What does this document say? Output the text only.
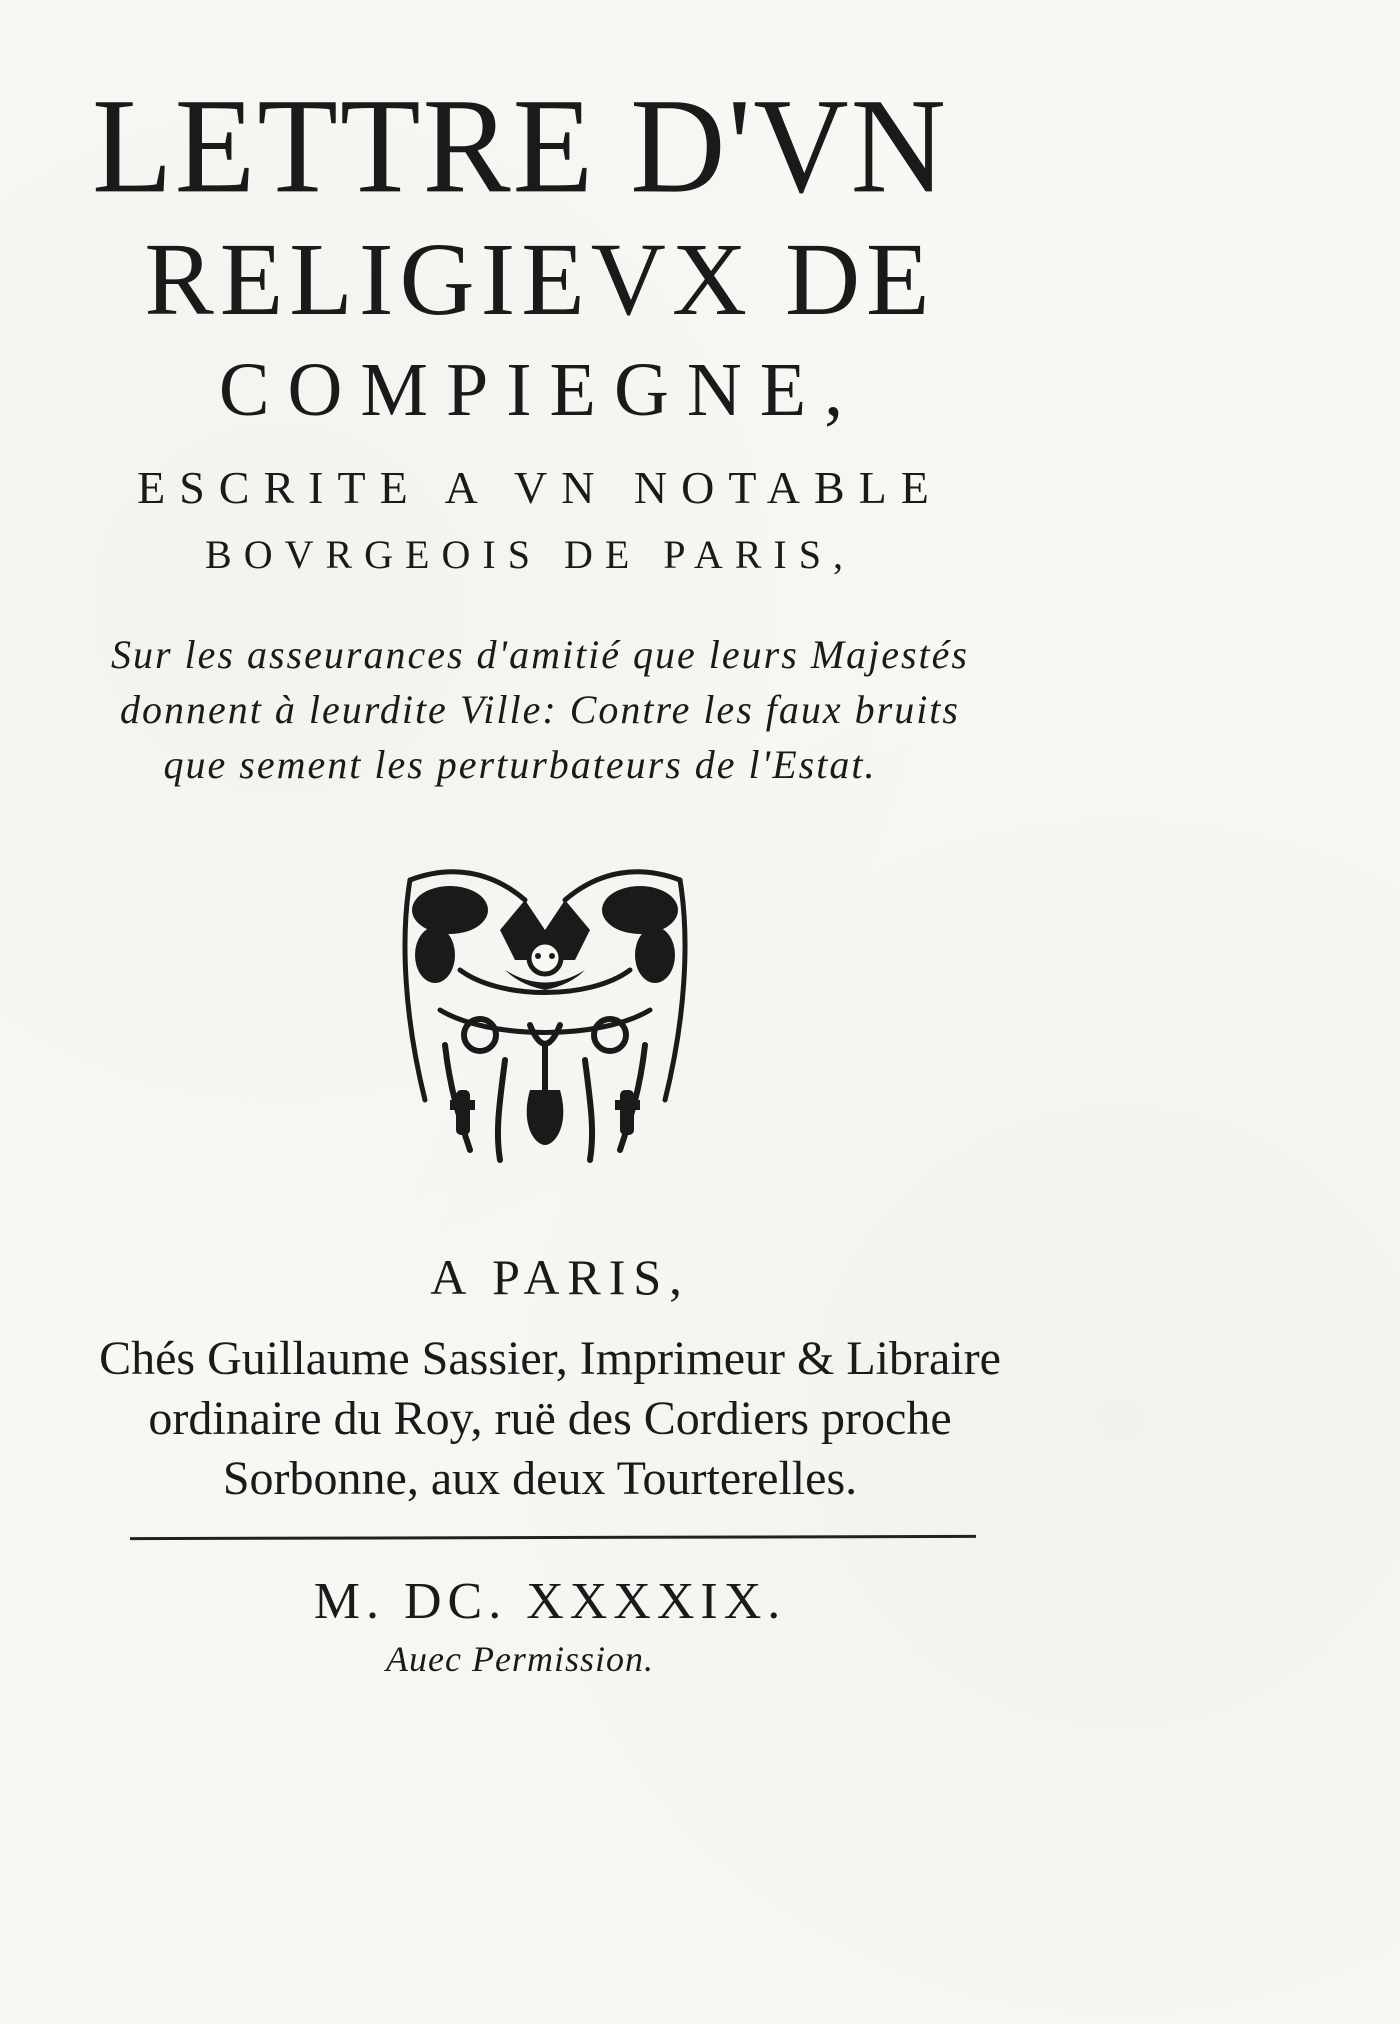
LETTRE D'VN
RELIGIEVX DE
COMPIEGNE,
ESCRITE A VN NOTABLE
BOVRGEOIS DE PARIS,
Sur les asseurances d'amitié que leurs Majestés
donnent à leurdite Ville: Contre les faux bruits
que sement les perturbateurs de l'Estat.
A PARIS,
Chés Guillaume Sassier, Imprimeur & Libraire
ordinaire du Roy, ruë des Cordiers proche
Sorbonne, aux deux Tourterelles.
M. DC. XXXXIX.
Auec Permission.
